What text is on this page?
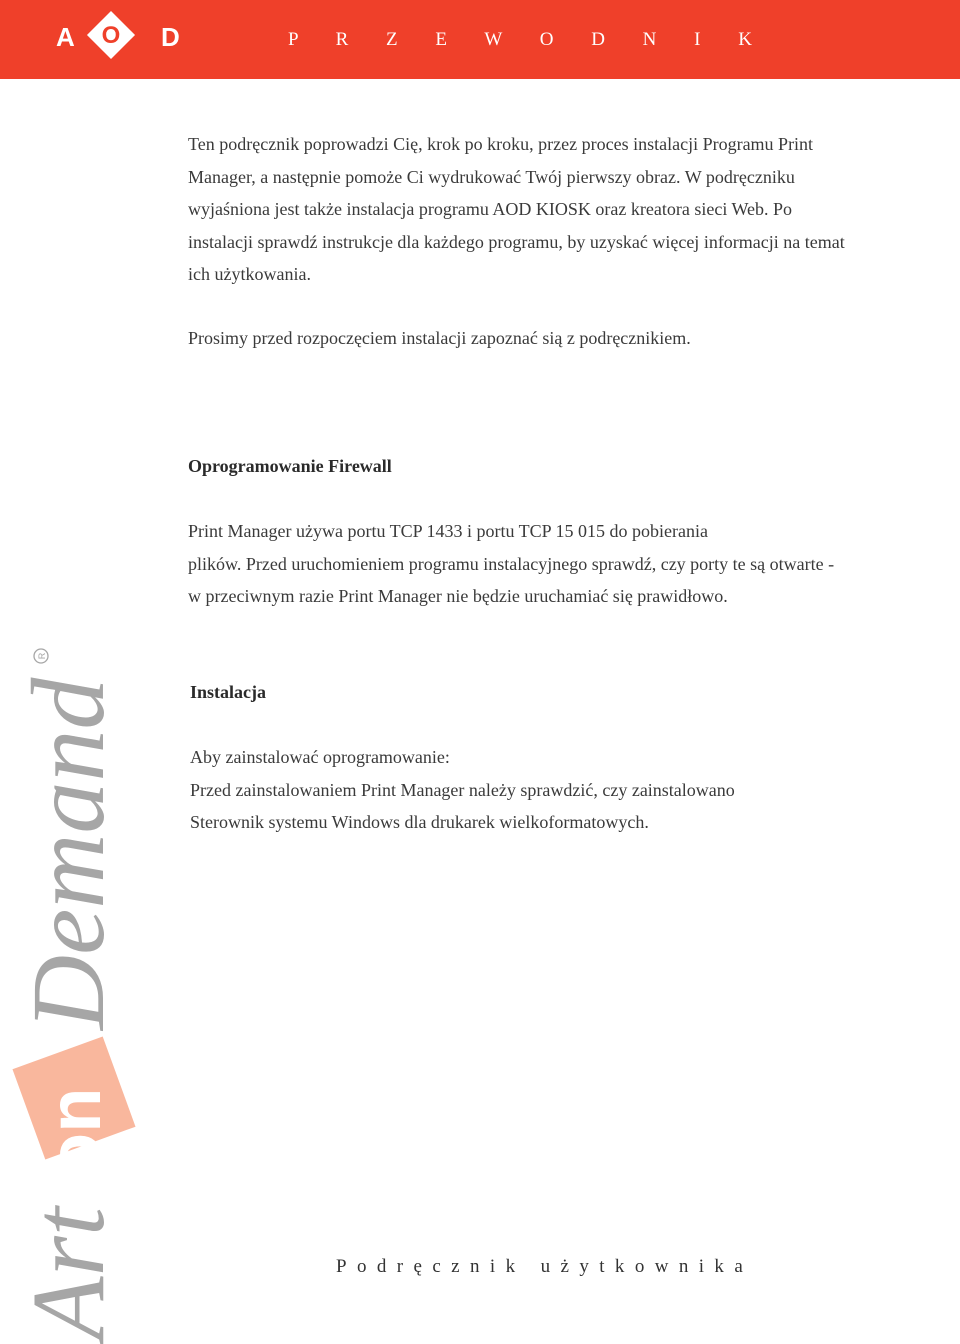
A O D	P R Z E W O D N I K

Ten podręcznik poprowadzi Cię, krok po kroku, przez proces instalacji Programu Print
Manager, a następnie pomoże Ci wydrukować Twój pierwszy obraz. W podręczniku
wyjaśniona jest także instalacja programu AOD KIOSK oraz kreatora sieci Web. Po
instalacji sprawdź instrukcje dla każdego programu, by uzyskać więcej informacji na temat
ich użytkowania.

Prosimy przed rozpoczęciem instalacji zapoznać sią z podręcznikiem.

Oprogramowanie Firewall

Print Manager używa portu TCP 1433 i portu TCP 15 015 do pobierania
plików. Przed uruchomieniem programu instalacyjnego sprawdź, czy porty te są otwarte -
w przeciwnym razie Print Manager nie będzie uruchamiać się prawidłowo.

Instalacja

Aby zainstalować oprogramowanie:
Przed zainstalowaniem Print Manager należy sprawdzić, czy zainstalowano
Sterownik systemu Windows dla drukarek wielkoformatowych.

Art
on
Demand
R
Podręcznik użytkownika
